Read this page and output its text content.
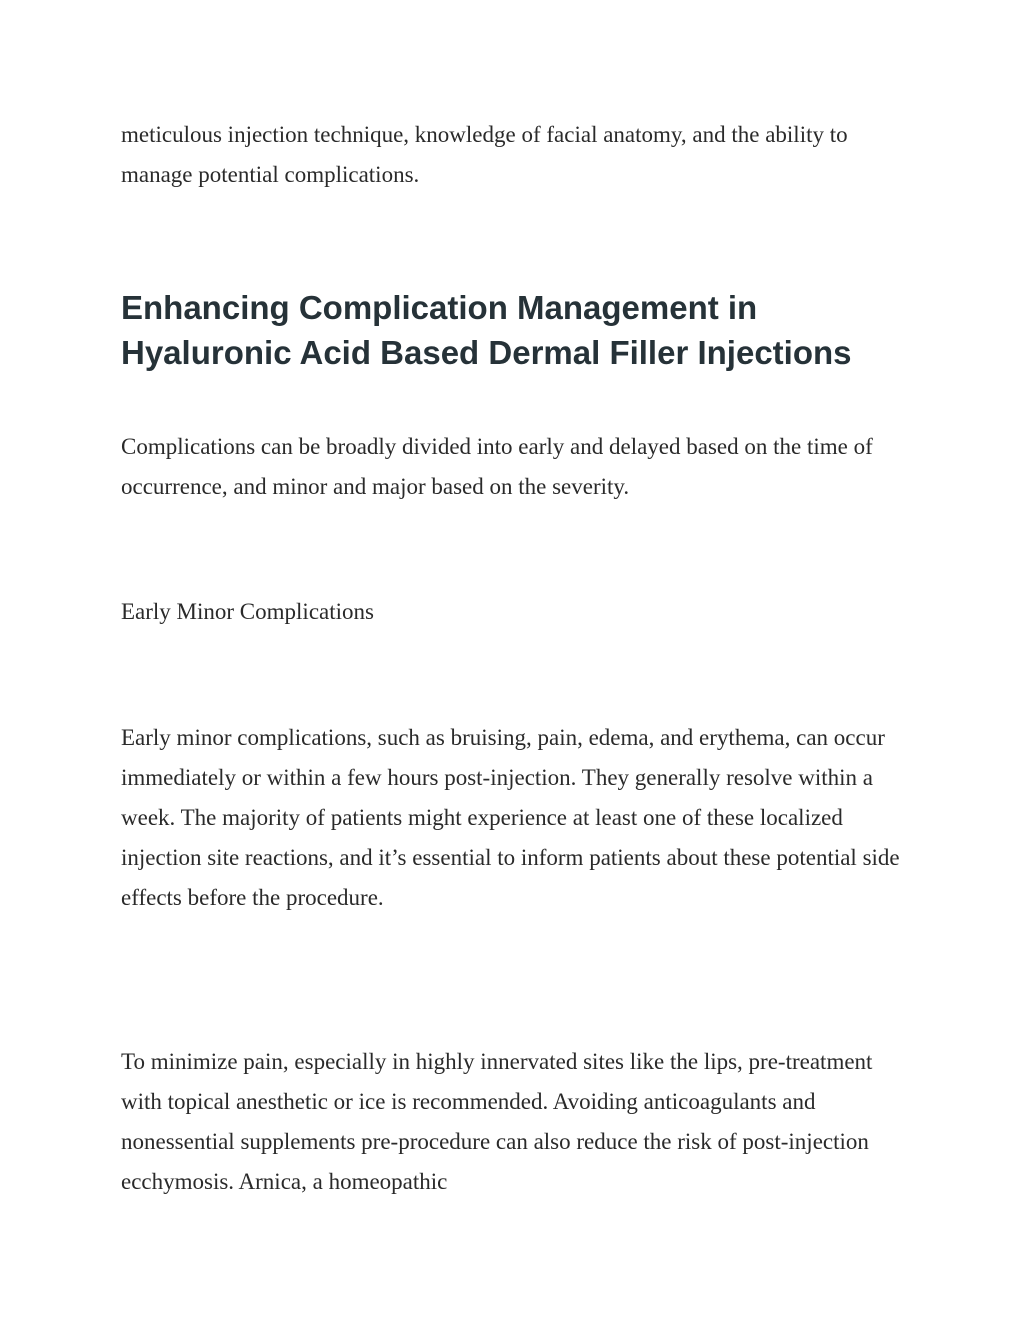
meticulous injection technique, knowledge of facial anatomy, and the ability to manage potential complications.

Enhancing Complication Management in Hyaluronic Acid Based Dermal Filler Injections

Complications can be broadly divided into early and delayed based on the time of occurrence, and minor and major based on the severity.

Early Minor Complications

Early minor complications, such as bruising, pain, edema, and erythema, can occur immediately or within a few hours post-injection. They generally resolve within a week. The majority of patients might experience at least one of these localized injection site reactions, and it’s essential to inform patients about these potential side effects before the procedure.

To minimize pain, especially in highly innervated sites like the lips, pre-treatment with topical anesthetic or ice is recommended. Avoiding anticoagulants and nonessential supplements pre-procedure can also reduce the risk of post-injection ecchymosis. Arnica, a homeopathic
